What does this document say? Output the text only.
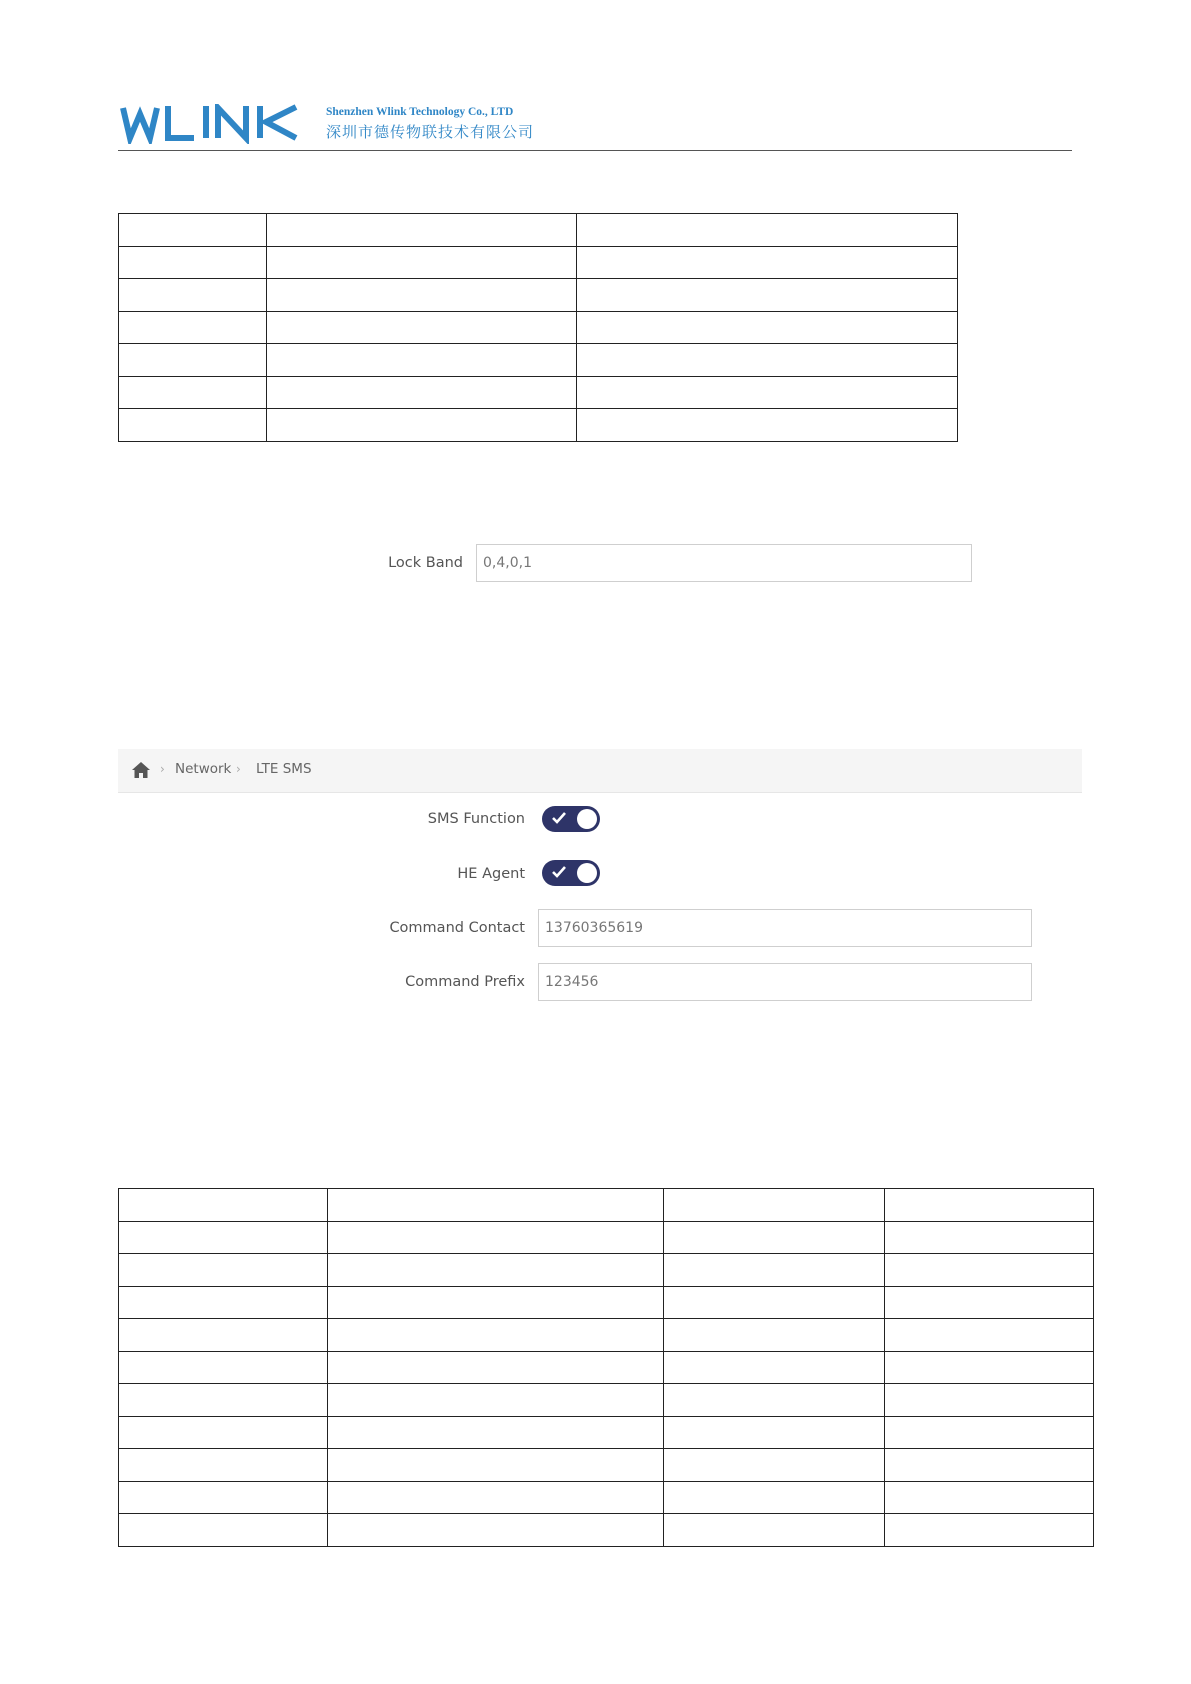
Shenzhen Wlink Technology Co., LTD
深圳市德传物联技术有限公司

Lock Band	0,4,0,1
› Network › LTE SMS
SMS Function
HE Agent
Command Contact	13760365619
Command Prefix	123456
